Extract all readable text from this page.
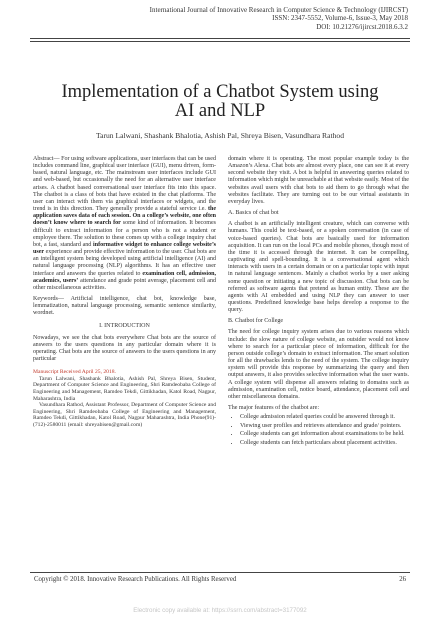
International Journal of Innovative Research in Computer Science & Technology (IJIRCST)
ISSN: 2347-5552, Volume-6, Issue-3, May 2018
DOI: 10.21276/ijircst.2018.6.3.2
Implementation of a Chatbot System using
AI and NLP
Tarun Lalwani, Shashank Bhalotia, Ashish Pal, Shreya Bisen, Vasundhara Rathod

Abstract— For using software applications, user interfaces that can be used includes command line, graphical user interface (GUI), menu driven, form-based, natural language, etc. The mainstream user interfaces include GUI and web-based, but occasionally the need for an alternative user interface arises. A chatbot based conversational user interface fits into this space. The chatbot is a class of bots that have existed in the chat platforms. The user can interact with them via graphical interfaces or widgets, and the trend is in this direction. They generally provide a stateful service i.e. the application saves data of each session. On a college’s website, one often doesn’t know where to search for some kind of information. It becomes difficult to extract information for a person who is not a student or employee there. The solution to these comes up with a college inquiry chat bot, a fast, standard and informative widget to enhance college website’s user experience and provide effective information to the user. Chat bots are an intelligent system being developed using artificial intelligence (AI) and natural language processing (NLP) algorithms. It has an effective user interface and answers the queries related to examination cell, admission, academics, users’ attendance and grade point average, placement cell and other miscellaneous activities.

Keywords— Artificial intelligence, chat bot, knowledge base, lemmatization, natural language processing, semantic sentence similarity, wordnet.

I. INTRODUCTION

Nowadays, we see the chat bots everywhere Chat bots are the source of answers to the users questions in any particular domain where it is operating. Chat bots are the source of answers to the users questions in any particular

Manuscript Received April 25, 2018.
Tarun Lalwani, Shashank Bhalotia, Ashish Pal, Shreya Bisen, Student, Department of Computer Science and Engineering, Shri Ramdeobaba College of Engineering and Management, Ramdeo Tekdi, Gittikhadan, Katol Road, Nagpur, Maharashtra, India
Vasundhara Rathod, Assistant Professor, Department of Computer Science and Engineering, Shri Ramdeobaba College of Engineering and Management, Ramdeo Tekdi, Gittikhadan, Katol Road, Nagpur Maharashtra, India Phone(91)-(712)-2580011 (email: shreyabisen@gmail.com)

domain where it is operating. The most popular example today is the Amazon’s Alexa. Chat bots are almost every place, one can see it at every second website they visit. A bot is helpful in answering queries related to information which might be unreachable at that website easily. Most of the websites avail users with chat bots to aid them to go through what the websites facilitate. They are turning out to be our virtual assistants in everyday lives.

A. Basics of chat bot

A chatbot is an artificially intelligent creature, which can converse with humans. This could be text-based, or a spoken conversation (in case of voice-based queries). Chat bots are basically used for information acquisition. It can run on the local PCs and mobile phones, though most of the time it is accessed through the internet. It can be compelling, captivating and spell-bounding. It is a conversational agent which interacts with users in a certain domain or on a particular topic with input in natural language sentences. Mainly a chatbot works by a user asking some question or initiating a new topic of discussion. Chat bots can be referred as software agents that pretend as human entity. These are the agents with AI embedded and using NLP they can answer to user questions. Predefined knowledge base helps develop a response to the query.

B. Chatbot for College

The need for college inquiry system arises due to various reasons which include: the slow nature of college website, an outsider would not know where to search for a particular piece of information, difficult for the person outside college’s domain to extract information. The smart solution for all the drawbacks lends to the need of the system. The college inquiry system will provide this response by summarizing the query and then output answers, it also provides selective information what the user wants. A college system will dispense all answers relating to domains such as admission, examination cell, notice board, attendance, placement cell and other miscellaneous domains.

The major features of the chatbot are:

• College admission related queries could be answered through it.
• Viewing user profiles and retrieves attendance and grade/ pointers.
• College students can get information about examinations to be held.
• College students can fetch particulars about placement activities.
Copyright © 2018. Innovative Research Publications. All Rights Reserved	26
Electronic copy available at: https://ssrn.com/abstract=3177092
